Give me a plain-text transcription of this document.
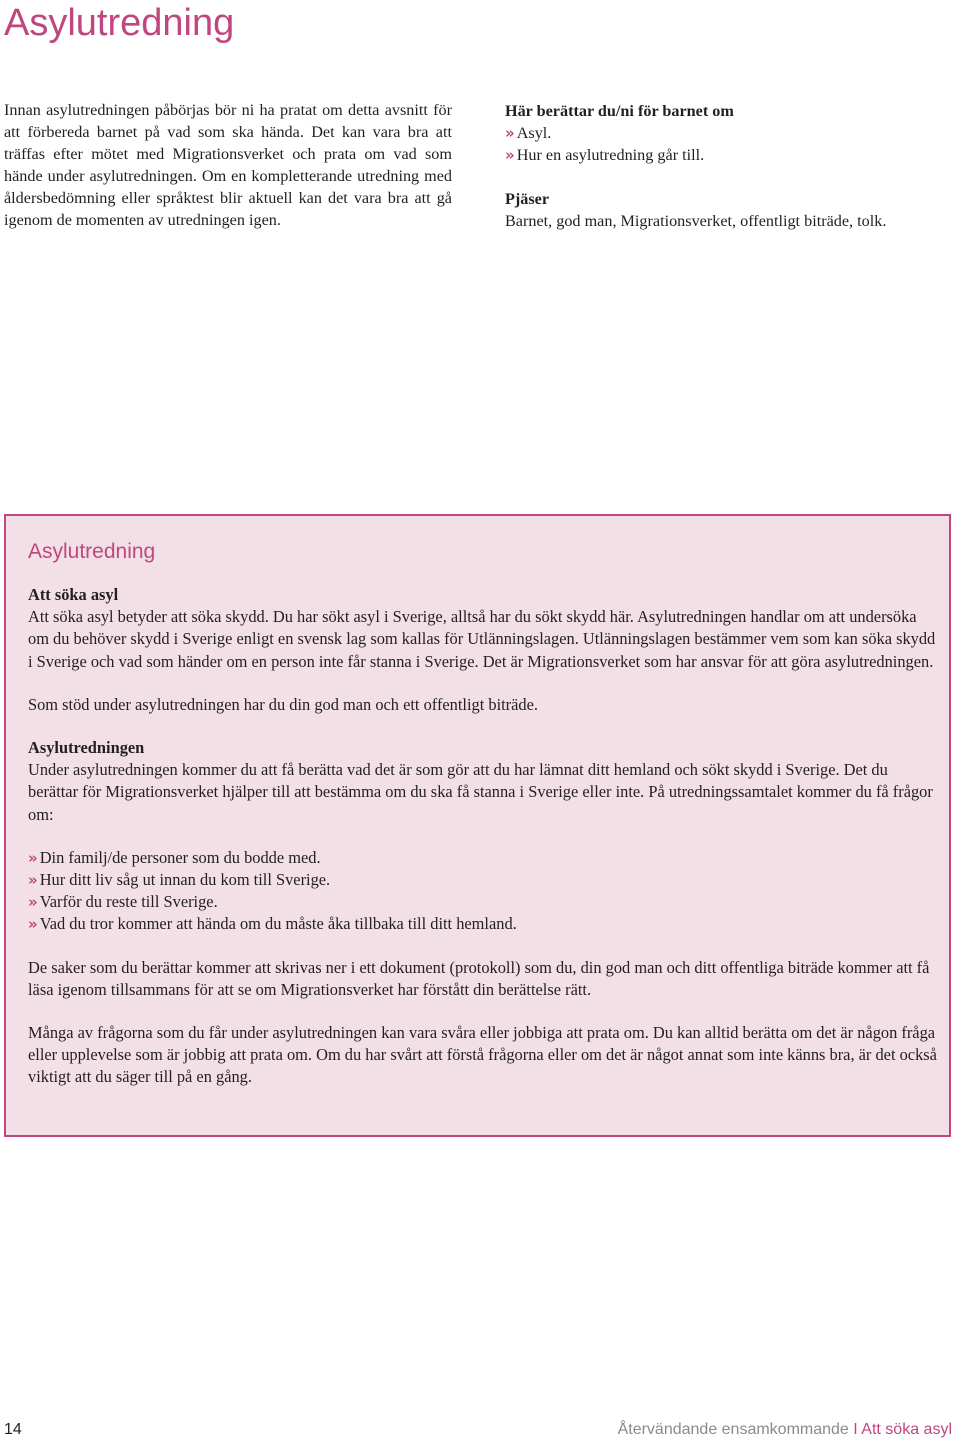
Asylutredning

Innan asylutredningen påbörjas bör ni ha pratat om detta avsnitt för att förbereda barnet på vad som ska hända. Det kan vara bra att träffas efter mötet med Migrationsverket och prata om vad som hände under asylutredningen. Om en kompletterande utredning med åldersbedömning eller språktest blir aktuell kan det vara bra att gå igenom de momenten av utredningen igen.

Här berättar du/ni för barnet om

» Asyl.

» Hur en asylutredning går till.

Pjäser

Barnet, god man, Migrationsverket, offentligt biträde, tolk.

Asylutredning

Att söka asyl

Att söka asyl betyder att söka skydd. Du har sökt asyl i Sverige, alltså har du sökt skydd här. Asylutredningen handlar om att undersöka om du behöver skydd i Sverige enligt en svensk lag som kallas för Utlänningslagen. Utlänningslagen bestämmer vem som kan söka skydd i Sverige och vad som händer om en person inte får stanna i Sverige. Det är Migrationsverket som har ansvar för att göra asylutredningen.

Som stöd under asylutredningen har du din god man och ett offentligt biträde.

Asylutredningen

Under asylutredningen kommer du att få berätta vad det är som gör att du har lämnat ditt hemland och sökt skydd i Sverige. Det du berättar för Migrationsverket hjälper till att bestämma om du ska få stanna i Sverige eller inte. På utredningssamtalet kommer du få frågor om:

» Din familj/de personer som du bodde med.

» Hur ditt liv såg ut innan du kom till Sverige.

» Varför du reste till Sverige.

» Vad du tror kommer att hända om du måste åka tillbaka till ditt hemland.

De saker som du berättar kommer att skrivas ner i ett dokument (protokoll) som du, din god man och ditt offentliga biträde kommer att få läsa igenom tillsammans för att se om Migrationsverket har förstått din berättelse rätt.

Många av frågorna som du får under asylutredningen kan vara svåra eller jobbiga att prata om. Du kan alltid berätta om det är någon fråga eller upplevelse som är jobbig att prata om. Om du har svårt att förstå frågorna eller om det är något annat som inte känns bra, är det också viktigt att du säger till på en gång.

14	Återvändande ensamkommande I Att söka asyl
